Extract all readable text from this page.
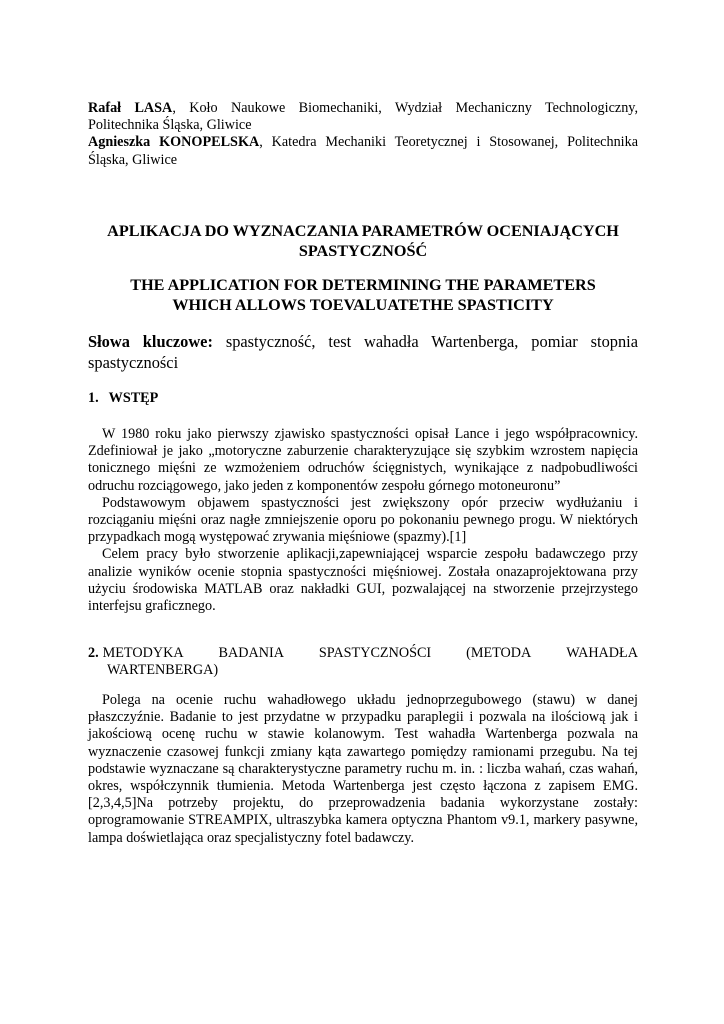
Rafał LASA, Koło Naukowe Biomechaniki, Wydział Mechaniczny Technologiczny, Politechnika Śląska, Gliwice

Agnieszka KONOPELSKA, Katedra Mechaniki Teoretycznej i Stosowanej, Politechnika Śląska, Gliwice

APLIKACJA DO WYZNACZANIA PARAMETRÓW OCENIAJĄCYCH
SPASTYCZNOŚĆ
THE APPLICATION FOR DETERMINING THE PARAMETERS
WHICH ALLOWS TOEVALUATETHE SPASTICITY

Słowa kluczowe: spastyczność, test wahadła Wartenberga, pomiar stopnia spastyczności

1. WSTĘP

W 1980 roku jako pierwszy zjawisko spastyczności opisał Lance i jego współpracownicy. Zdefiniował je jako „motoryczne zaburzenie charakteryzujące się szybkim wzrostem napięcia tonicznego mięśni ze wzmożeniem odruchów ścięgnistych, wynikające z nadpobudliwości odruchu rozciągowego, jako jeden z komponentów zespołu górnego motoneuronu”

Podstawowym objawem spastyczności jest zwiększony opór przeciw wydłużaniu i rozciąganiu mięśni oraz nagłe zmniejszenie oporu po pokonaniu pewnego progu. W niektórych przypadkach mogą występować zrywania mięśniowe (spazmy).[1]

Celem pracy było stworzenie aplikacji,zapewniającej wsparcie zespołu badawczego przy analizie wyników ocenie stopnia spastyczności mięśniowej. Została onazaprojektowana przy użyciu środowiska MATLAB oraz nakładki GUI, pozwalającej na stworzenie przejrzystego interfejsu graficznego.

2. METODYKA BADANIA SPASTYCZNOŚCI (METODA WAHADŁA
WARTENBERGA)

Polega na ocenie ruchu wahadłowego układu jednoprzegubowego (stawu) w danej płaszczyźnie. Badanie to jest przydatne w przypadku paraplegii i pozwala na ilościową jak i jakościową ocenę ruchu w stawie kolanowym. Test wahadła Wartenberga pozwala na wyznaczenie czasowej funkcji zmiany kąta zawartego pomiędzy ramionami przegubu. Na tej podstawie wyznaczane są charakterystyczne parametry ruchu m. in. : liczba wahań, czas wahań, okres, współczynnik tłumienia. Metoda Wartenberga jest często łączona z zapisem EMG. [2,3,4,5]Na potrzeby projektu, do przeprowadzenia badania wykorzystane zostały: oprogramowanie STREAMPIX, ultraszybka kamera optyczna Phantom v9.1, markery pasywne, lampa doświetlająca oraz specjalistyczny fotel badawczy.
